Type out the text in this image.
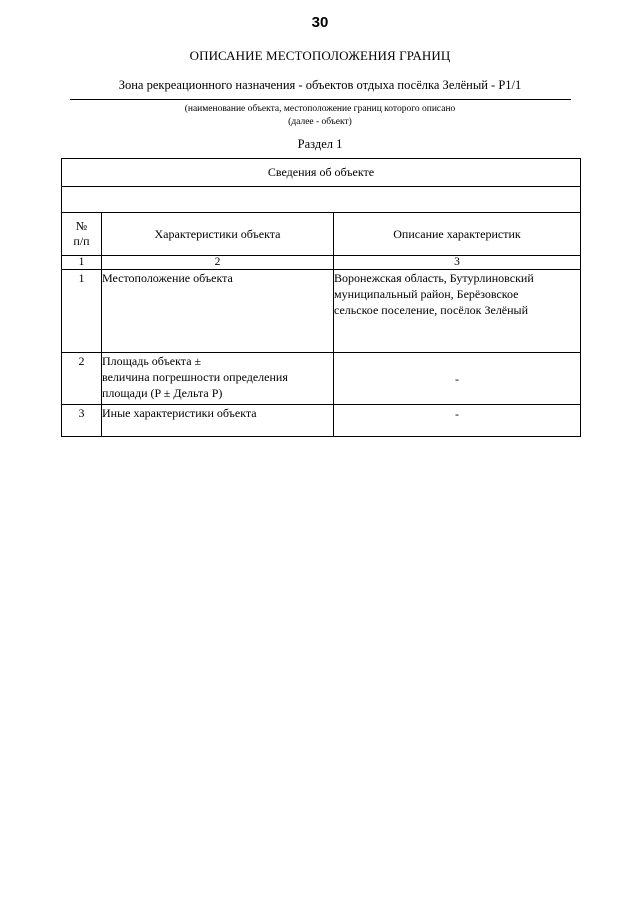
30
ОПИСАНИЕ МЕСТОПОЛОЖЕНИЯ ГРАНИЦ
Зона рекреационного назначения - объектов отдыха посёлка Зелёный - Р1/1
(наименование объекта, местоположение границ которого описано
(далее - объект)
Раздел 1
Сведения об объекте		

№
п/п	Характеристики объекта	Описание характеристик
1	2	3
1	Местоположение объекта	Воронежская область, Бутурлиновский
муниципальный район, Берёзовское
сельское поселение, посёлок Зелёный

2	Площадь объекта ±
величина погрешности определения
площади (P ± Дельта P)	-
3	Иные характеристики объекта	-
